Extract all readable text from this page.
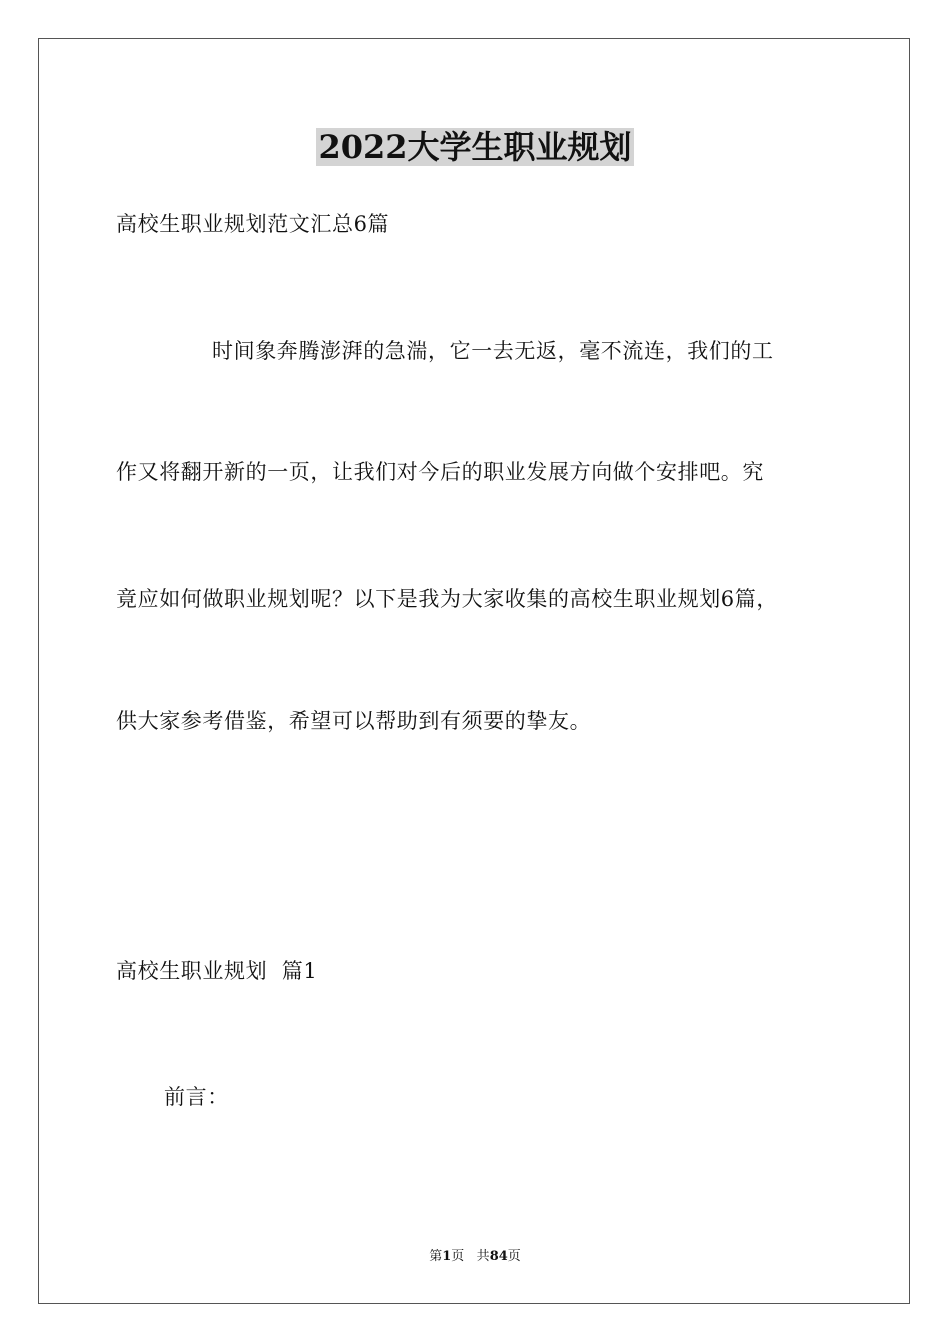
2022大学生职业规划
高校生职业规划范文汇总6篇
时间象奔腾澎湃的急湍，它一去无返，毫不流连，我们的工
作又将翻开新的一页，让我们对今后的职业发展方向做个安排吧。究
竟应如何做职业规划呢？以下是我为大家收集的高校生职业规划6篇，
供大家参考借鉴，希望可以帮助到有须要的挚友。
高校生职业规划  篇1
前言：
第1页 共84页
